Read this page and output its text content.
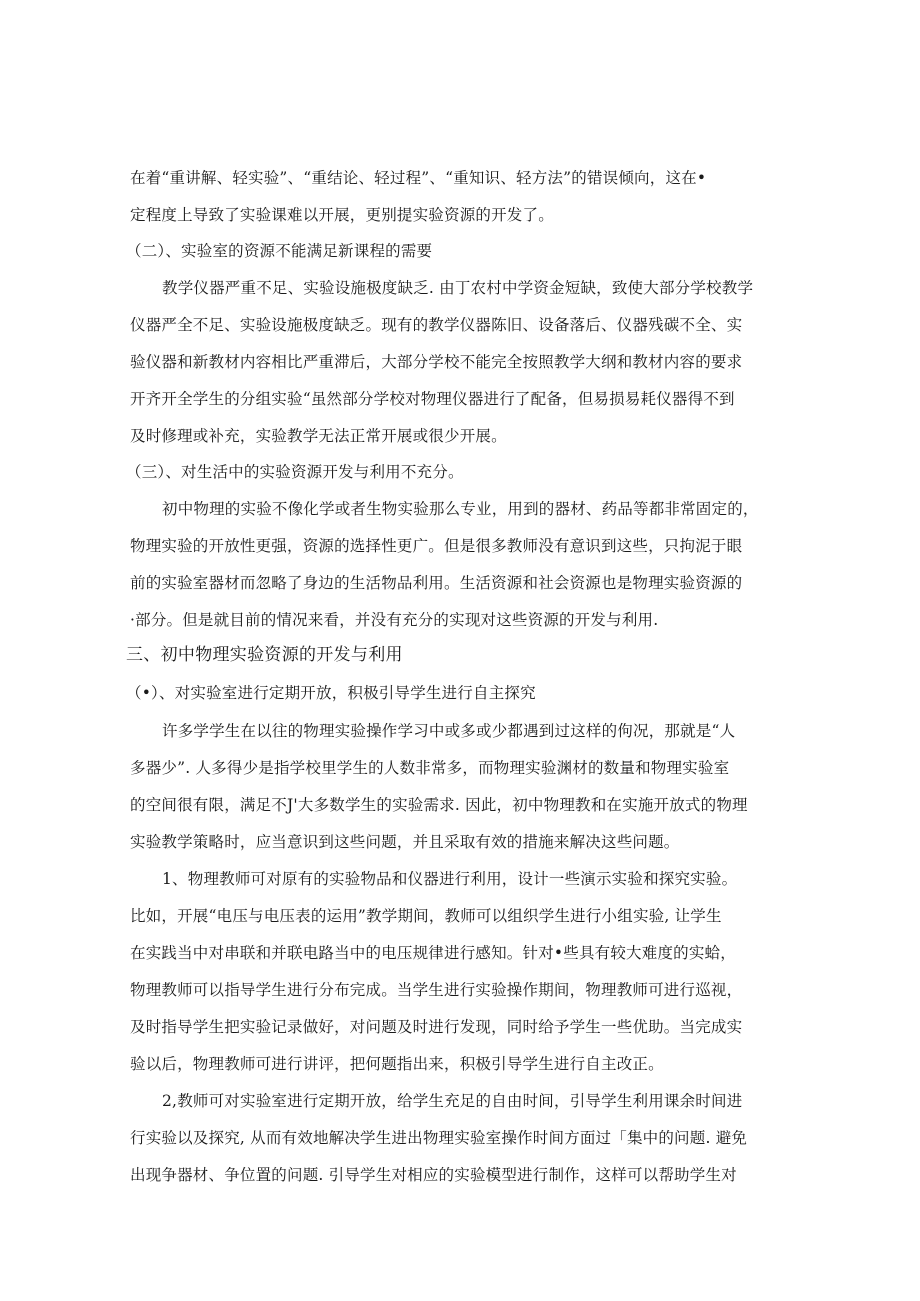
在着“重讲解、轻实验”、“重结论、轻过程”、“重知识、轻方法”的错误倾向，这在•
定程度上导致了实验课难以开展，更别提实验资源的开发了。
（二）、实验室的资源不能满足新课程的需要
教学仪器严重不足、实验设施极度缺乏. 由丁农村中学资金短缺，致使大部分学校教学
仪器严全不足、实验设施极度缺乏。现有的教学仪器陈旧、设备落后、仪器残碳不全、实
验仪器和新教材内容相比严重滞后，大部分学校不能完全按照教学大纲和教材内容的要求
开齐开全学生的分组实验“虽然部分学校对物理仪器进行了配备，但易损易耗仪器得不到
及时修理或补充，实验教学无法正常开展或很少开展。
（三）、对生活中的实验资源开发与利用不充分。
初中物理的实验不像化学或者生物实验那么专业，用到的器材、药品等都非常固定的，
物理实验的开放性更强，资源的选择性更广。但是很多教师没有意识到这些，只拘泥于眼
前的实验室器材而忽略了身边的生活物品利用。生活资源和社会资源也是物理实验资源的
·部分。但是就目前的情况来看，并没有充分的实现对这些资源的开发与利用.
三、初中物理实验资源的开发与利用
（•）、对实验室进行定期开放，积极引导学生进行自主探究
许多学学生在以往的物理实验操作学习中或多或少都遇到过这样的佝况，那就是“人
多器少”. 人多得少是指学校里学生的人数非常多，而物理实验渊材的数量和物理实验室
的空间很有限，满足不J'大多数学生的实验需求. 因此，初中物理教和在实施开放式的物理
实验教学策略时，应当意识到这些问题，并且采取有效的措施来解决这些问题。
1、物理教师可对原有的实验物品和仪器进行利用，设计一些演示实验和探究实验。
比如，开展“电压与电压表的运用”教学期间，教师可以组织学生进行小组实验, 让学生
在实践当中对串联和并联电路当中的电压规律进行感知。针对•些具有较大难度的实蛤，
物理教师可以指导学生进行分布完成。当学生进行实验操作期间，物理教师可进行巡视，
及时指导学生把实验记录做好，对问题及时进行发现，同时给予学生一些优助。当完成实
验以后，物理教师可进行讲评，把何题指出来，积极引导学生进行自主改正。
2,教师可对实验室进行定期开放，给学生充足的自由时间，引导学生利用课余时间进
行实验以及探究, 从而有效地解决学生进出物理实验室操作时间方面过「集中的问题. 避免
出现争器材、争位置的问题. 引导学生对相应的实验模型进行制作，这样可以帮助学生对
